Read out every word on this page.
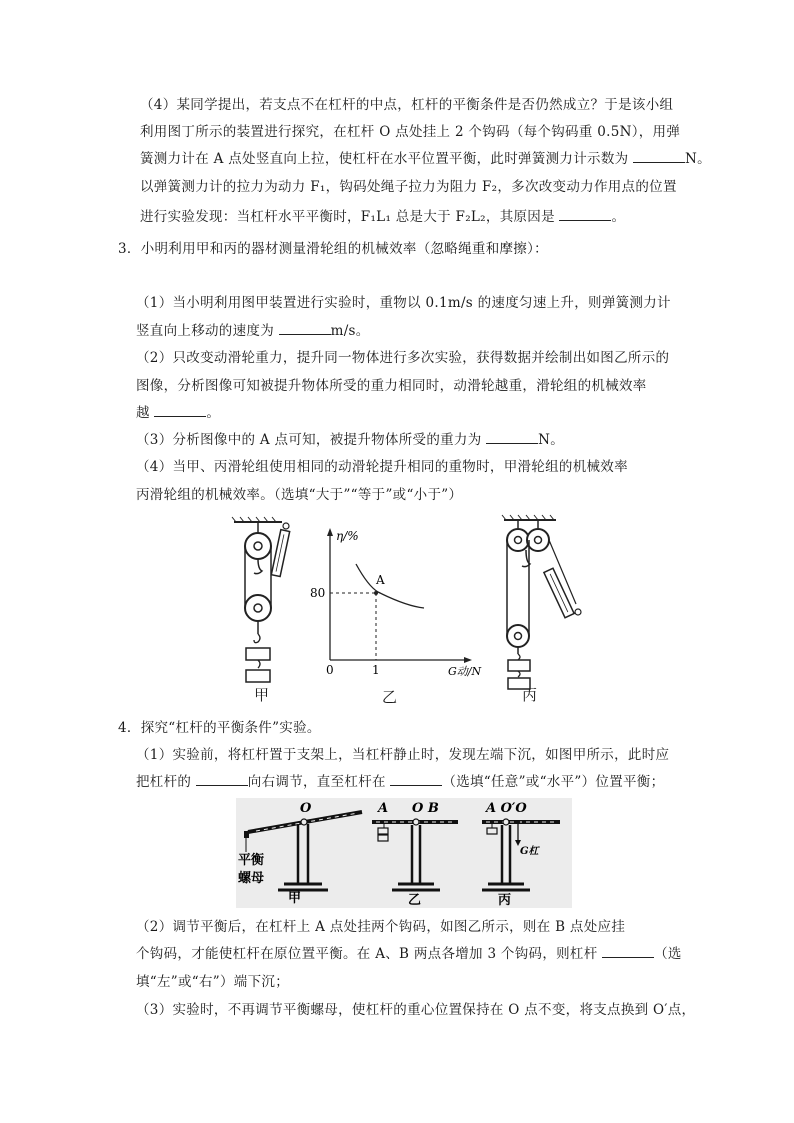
（4）某同学提出，若支点不在杠杆的中点，杠杆的平衡条件是否仍然成立？于是该小组
利用图丁所示的装置进行探究，在杠杆 O 点处挂上 2 个钩码（每个钩码重 0.5N），用弹
簧测力计在 A 点处竖直向上拉，使杠杆在水平位置平衡，此时弹簧测力计示数为	N。
以弹簧测力计的拉力为动力 F₁，钩码处绳子拉力为阻力 F₂，多次改变动力作用点的位置
进行实验发现：当杠杆水平平衡时，F₁L₁ 总是大于 F₂L₂，其原因是	。
3．小明利用甲和丙的器材测量滑轮组的机械效率（忽略绳重和摩擦）：
（1）当小明利用图甲装置进行实验时，重物以 0.1m/s 的速度匀速上升，则弹簧测力计
竖直向上移动的速度为	m/s。
（2）只改变动滑轮重力，提升同一物体进行多次实验，获得数据并绘制出如图乙所示的
图像，分析图像可知被提升物体所受的重力相同时，动滑轮越重，滑轮组的机械效率
越	。
（3）分析图像中的 A 点可知，被提升物体所受的重力为	N。
（4）当甲、丙滑轮组使用相同的动滑轮提升相同的重物时，甲滑轮组的机械效率
丙滑轮组的机械效率。（选填“大于”“等于”或“小于”）
甲
η/%
80
A
0	1	G动/N
乙	丙
4．探究“杠杆的平衡条件”实验。
（1）实验前，将杠杆置于支架上，当杠杆静止时，发现左端下沉，如图甲所示，此时应
把杠杆的	向右调节，直至杠杆在	（选填“任意”或“水平”）位置平衡；
O
平衡
螺母
甲
A O B
乙
A O′O
G杠
丙
（2）调节平衡后，在杠杆上 A 点处挂两个钩码，如图乙所示，则在 B 点处应挂
个钩码，才能使杠杆在原位置平衡。在 A、B 两点各增加 3 个钩码，则杠杆	（选
填“左”或“右”）端下沉；
（3）实验时，不再调节平衡螺母，使杠杆的重心位置保持在 O 点不变，将支点换到 O′点，
